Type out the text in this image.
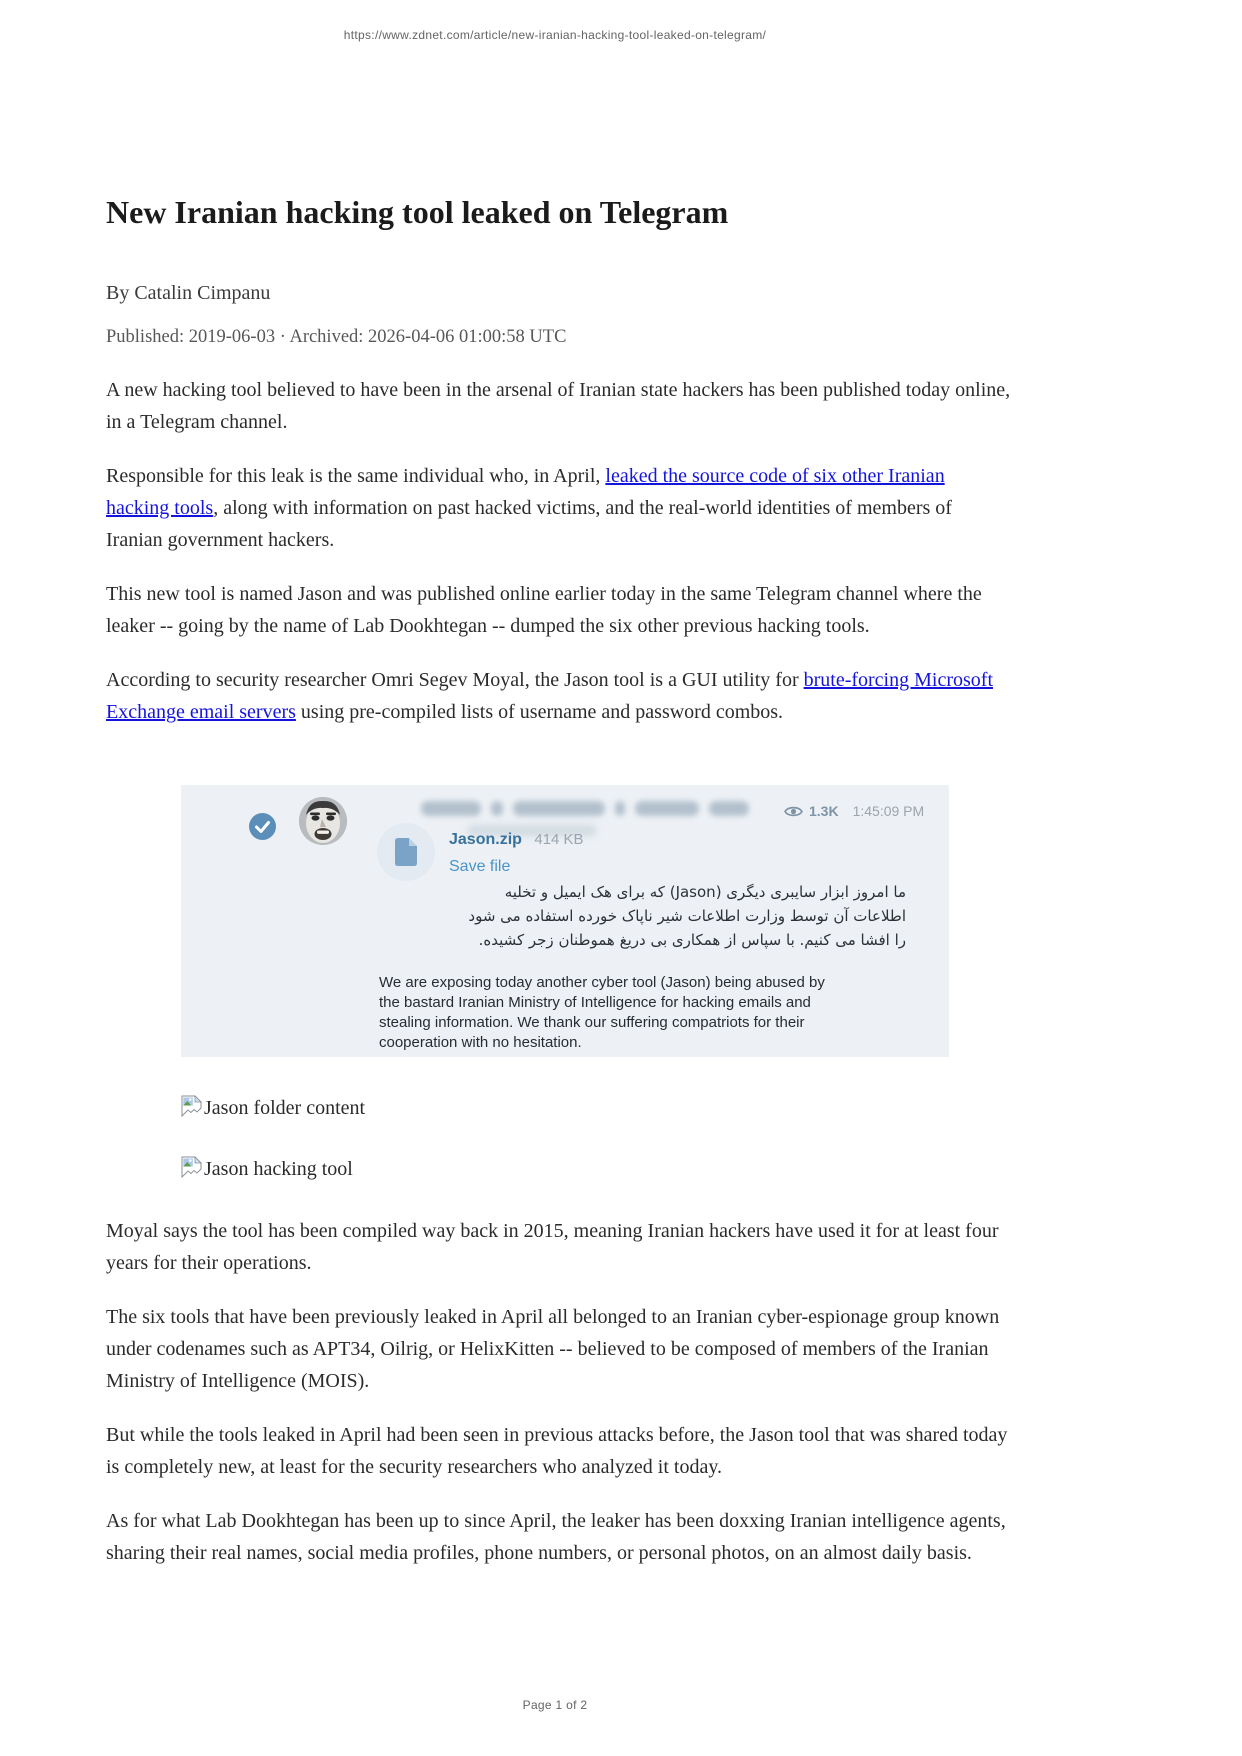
https://www.zdnet.com/article/new-iranian-hacking-tool-leaked-on-telegram/
New Iranian hacking tool leaked on Telegram
By Catalin Cimpanu
Published: 2019-06-03 · Archived: 2026-04-06 01:00:58 UTC

A new hacking tool believed to have been in the arsenal of Iranian state hackers has been published today online, in a Telegram channel.

Responsible for this leak is the same individual who, in April, leaked the source code of six other Iranian hacking tools, along with information on past hacked victims, and the real-world identities of members of Iranian government hackers.

This new tool is named Jason and was published online earlier today in the same Telegram channel where the leaker -- going by the name of Lab Dookhtegan -- dumped the six other previous hacking tools.

According to security researcher Omri Segev Moyal, the Jason tool is a GUI utility for brute-forcing Microsoft Exchange email servers using pre-compiled lists of username and password combos.

1.3K 1:45:09 PM
Jason.zip 414 KB
Save file
ما امروز ابزار سایبری دیگری (Jason) که برای هک ایمیل و تخلیه
اطلاعات آن توسط وزارت اطلاعات شیر ناپاک خورده استفاده می شود
را افشا می کنیم. با سپاس از همکاری بی دریغ هموطنان زجر کشیده.
We are exposing today another cyber tool (Jason) being abused by
the bastard Iranian Ministry of Intelligence for hacking emails and
stealing information. We thank our suffering compatriots for their
cooperation with no hesitation.
Jason folder content
Jason hacking tool

Moyal says the tool has been compiled way back in 2015, meaning Iranian hackers have used it for at least four years for their operations.

The six tools that have been previously leaked in April all belonged to an Iranian cyber-espionage group known under codenames such as APT34, Oilrig, or HelixKitten -- believed to be composed of members of the Iranian Ministry of Intelligence (MOIS).

But while the tools leaked in April had been seen in previous attacks before, the Jason tool that was shared today is completely new, at least for the security researchers who analyzed it today.

As for what Lab Dookhtegan has been up to since April, the leaker has been doxxing Iranian intelligence agents, sharing their real names, social media profiles, phone numbers, or personal photos, on an almost daily basis.

Page 1 of 2
